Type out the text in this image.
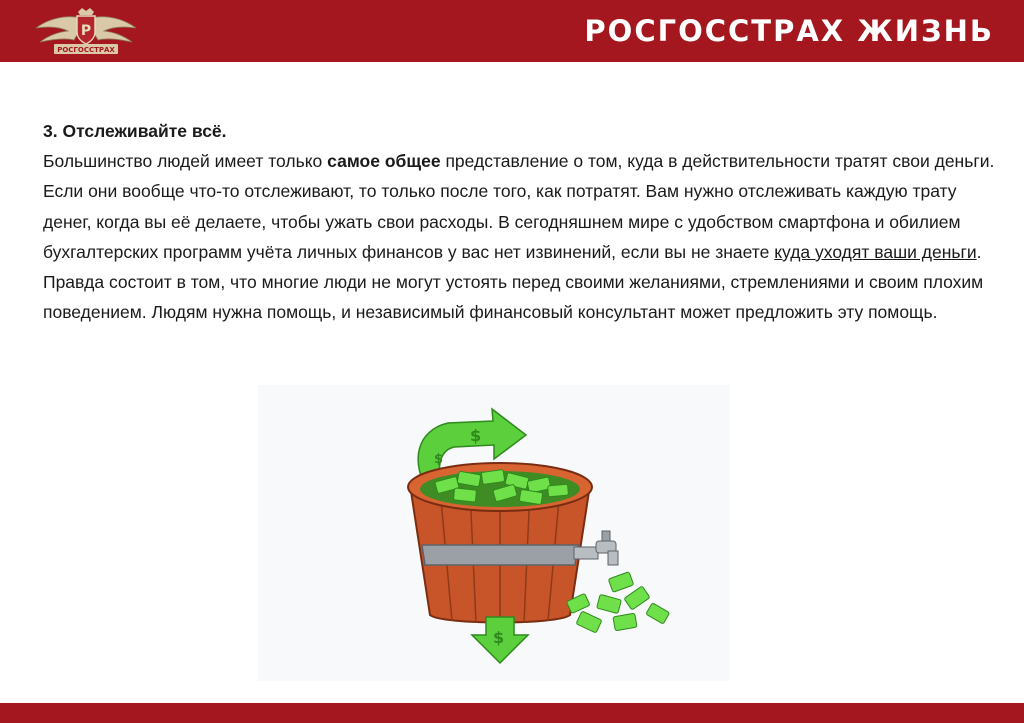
P
РОСГОССТРАХ
РОСГОССТРАХ ЖИЗНЬ

3. Отслеживайте всё.

Большинство людей имеет только самое общее представление о том, куда в действительности тратят свои деньги. Если они вообще что-то отслеживают, то только после того, как потратят. Вам нужно отслеживать каждую трату денег, когда вы её делаете, чтобы ужать свои расходы. В сегодняшнем мире с удобством смартфона и обилием бухгалтерских программ учёта личных финансов у вас нет извинений, если вы не знаете куда уходят ваши деньги.

Правда состоит в том, что многие люди не могут устоять перед своими желаниями, стремлениями и своим плохим поведением. Людям нужна помощь, и независимый финансовый консультант может предложить эту помощь.

$
$
$
